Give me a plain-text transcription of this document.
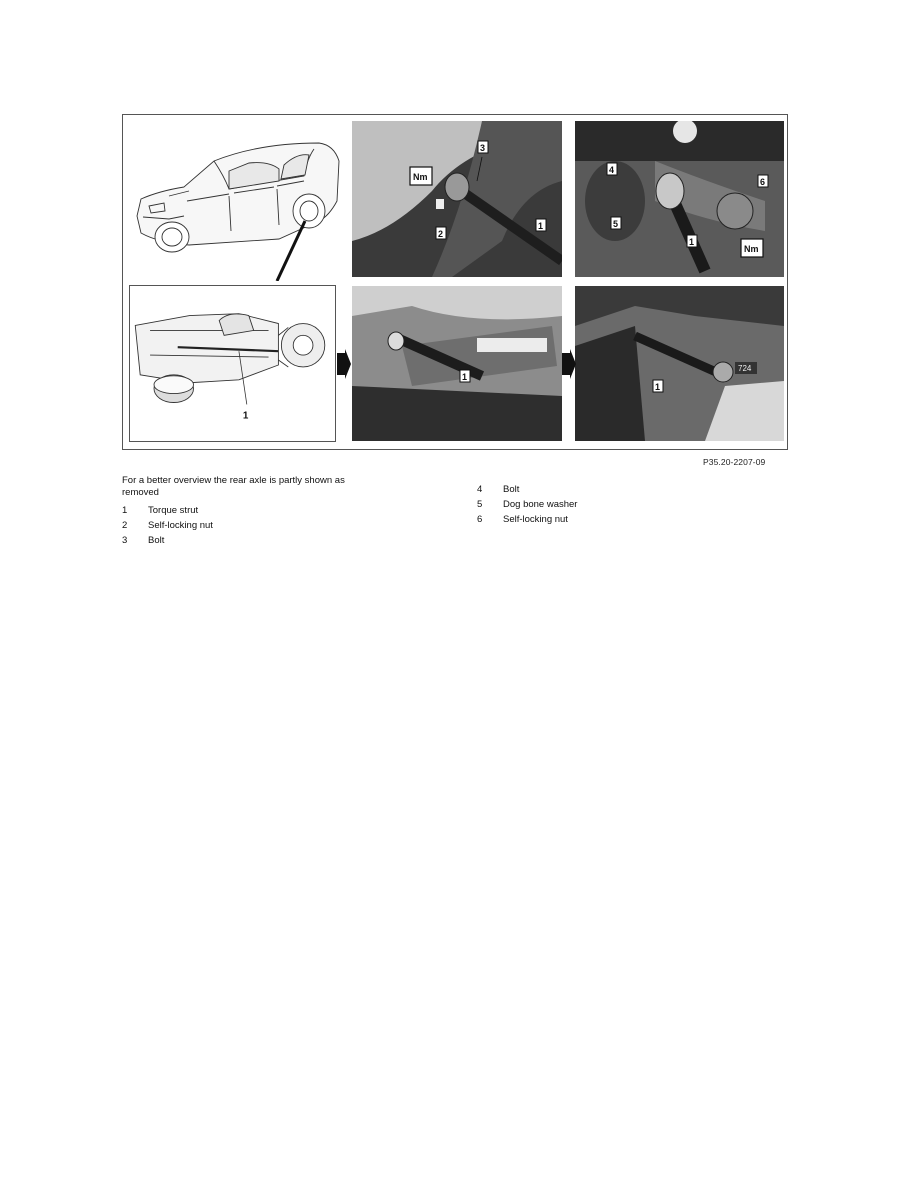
1
3
2
1
Nm
4
5
1
6
Nm
1
724
1
P35.20-2207-09
For a better overview the rear axle is partly shown as removed
1 Torque strut
2 Self-locking nut
3 Bolt
4 Bolt
5 Dog bone washer
6 Self-locking nut
